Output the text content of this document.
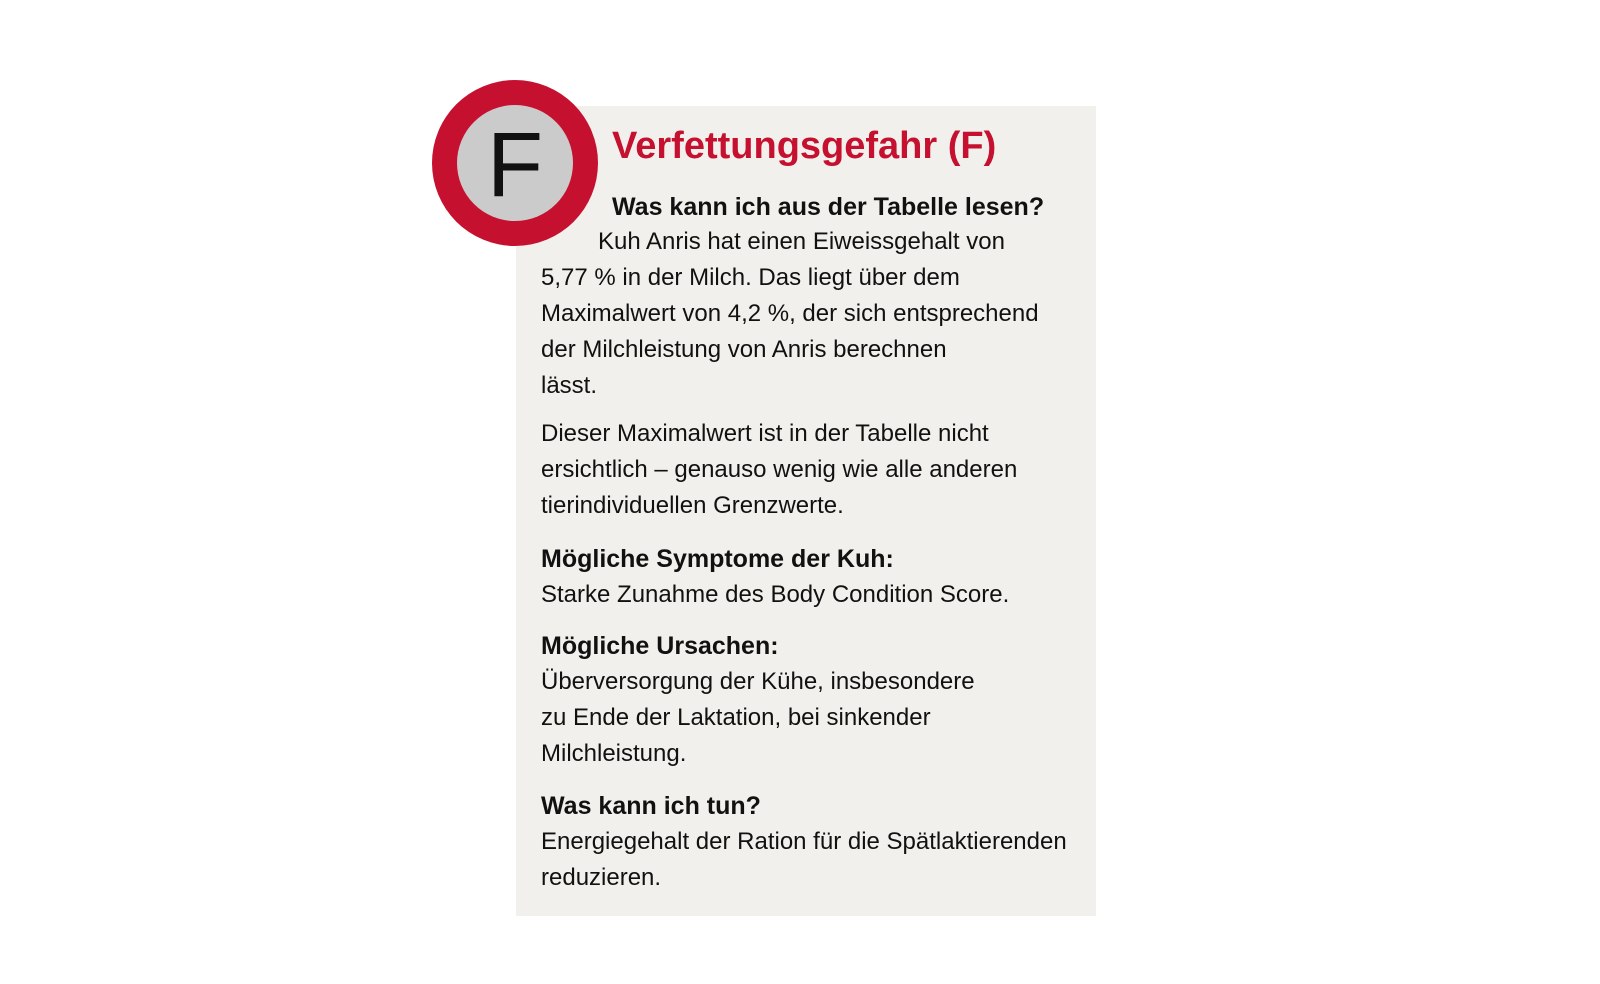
F Verfettungsgefahr (F)
Was kann ich aus der Tabelle lesen?
Kuh Anris hat einen Eiweissgehalt von
5,77 % in der Milch. Das liegt über dem
Maximalwert von 4,2 %, der sich entsprechend
der Milchleistung von Anris berechnen
lässt.
Dieser Maximalwert ist in der Tabelle nicht
ersichtlich – genauso wenig wie alle anderen
tierindividuellen Grenzwerte.
Mögliche Symptome der Kuh:
Starke Zunahme des Body Condition Score.
Mögliche Ursachen:
Überversorgung der Kühe, insbesondere
zu Ende der Laktation, bei sinkender
Milchleistung.
Was kann ich tun?
Energiegehalt der Ration für die Spätlaktierenden
reduzieren.
